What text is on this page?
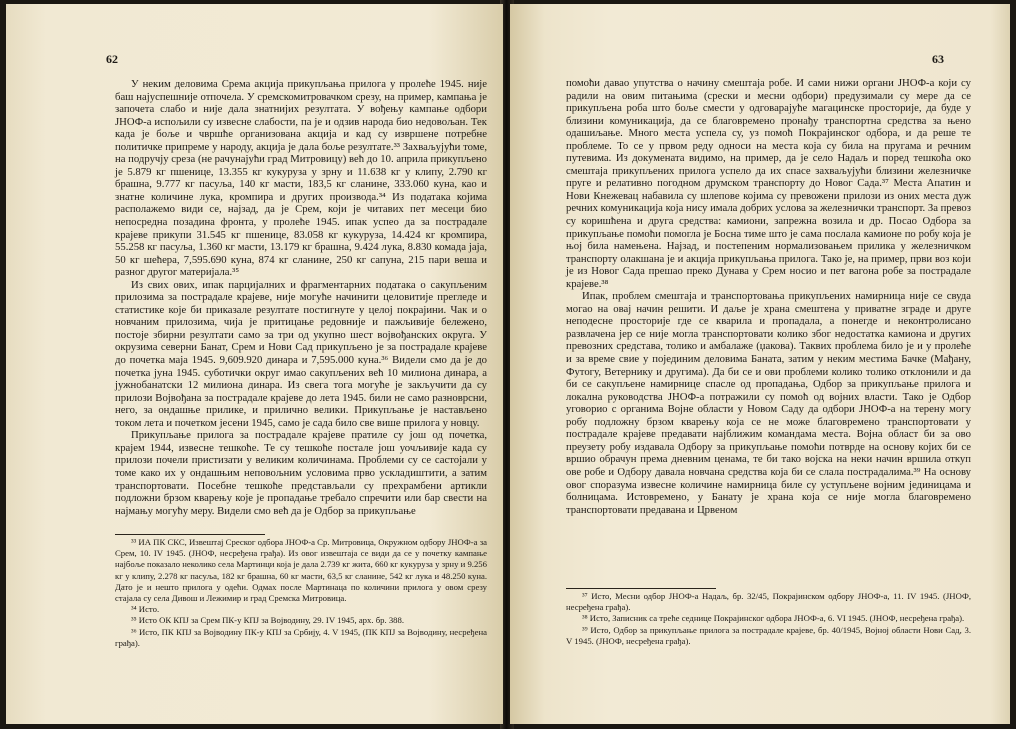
62

У неким деловима Срема акција прикупљања прилога у пролеће 1945. није баш најуспешније отпочела. У сремскомитровачком срезу, на пример, кампања је започета слабо и није дала знатнијих резултата. У вођењу кампање одбори ЈНОФ-а испољили су извесне слабости, па је и одзив народа био недовољан. Тек када је боље и чвршће организована акција и кад су извршене потребне политичке припреме у народу, акција је дала боље резултате.³³ Захваљујући томе, на подручју среза (не рачунајући град Митровицу) већ до 10. априла прикупљено је 5.879 кг пшенице, 13.355 кг кукуруза у зрну и 11.638 кг у клипу, 2.790 кг брашна, 9.777 кг пасуља, 140 кг масти, 183,5 кг сланине, 333.060 куна, као и знатне количине лука, кромпира и других производа.³⁴ Из података којима располажемо види се, најзад, да је Срем, који је читавих пет месеци био непосредна позадина фронта, у пролеће 1945. ипак успео да за пострадале крајеве прикупи 31.545 кг пшенице, 83.058 кг кукуруза, 14.424 кг кромпира, 55.258 кг пасуља, 1.360 кг масти, 13.179 кг брашна, 9.424 лука, 8.830 комада јаја, 50 кг шећера, 7,595.690 куна, 874 кг сланине, 250 кг сапуна, 215 пари веша и разног другог материјала.³⁵

Из свих ових, ипак парцијалних и фрагментарних података о сакупљеним прилозима за пострадале крајеве, није могуће начинити целовитије прегледе и статистике које би приказале резултате постигнуте у целој покрајини. Чак и о новчаним прилозима, чија је притицање редовније и пажљивије бележено, постоје збирни резултати само за три од укупно шест војвођанских округа. У окрузима северни Банат, Срем и Нови Сад прикупљено је за пострадале крајеве до почетка маја 1945. 9,609.920 динара и 7,595.000 куна.³⁶ Видели смо да је до почетка јуна 1945. суботички округ имао сакупљених већ 10 милиона динара, а јужнобанатски 12 милиона динара. Из свега тога могуће је закључити да су прилози Војвођана за пострадале крајеве до лета 1945. били не само разноврсни, него, за ондашње прилике, и прилично велики. Прикупљање је настављено током лета и почетком јесени 1945, само је сада било све више прилога у новцу.

Прикупљање прилога за пострадале крајеве пратиле су још од почетка, крајем 1944, извесне тешкоће. Те су тешкоће постале још уочљивије када су прилози почели пристизати у великим количинама. Проблеми су се састојали у томе како их у ондашњим неповољним условима прво ускладиштити, а затим транспортовати. Посебне тешкоће представљали су прехрамбени артикли подложни брзом кварењу које је пропадање требало спречити или бар свести на најмању могућу меру. Видели смо већ да је Одбор за прикупљање

³³ ИА ПК СКС, Извештај Среског одбора ЈНОФ-а Ср. Митровица, Окружном одбору ЈНОФ-а за Срем, 10. IV 1945. (ЈНОФ, несређена грађа). Из овог извештаја се види да се у почетку кампање најбоље показало неколико села Мартинци која је дала 2.739 кг жита, 660 кг кукуруза у зрну и 9.256 кг у клипу, 2.278 кг пасуља, 182 кг брашна, 60 кг масти, 63,5 кг сланине, 542 кг лука и 48.250 куна. Дато је и нешто прилога у одећи. Одмах после Мартинаца по количини прилога у овом срезу стајала су села Дивош и Лежимир и град Сремска Митровица.

³⁴ Исто.

³⁵ Исто ОК КПЈ за Срем ПК-у КПЈ за Војводину, 29. IV 1945, арх. бр. 388.

³⁶ Исто, ПК КПЈ за Војводину ПК-у КПЈ за Србију, 4. V 1945, (ПК КПЈ за Војводину, несређена грађа).

63

помоћи давао упутства о начину смештаја робе. И сами нижи органи ЈНОФ-а који су радили на овим питањима (срески и месни одбори) предузимали су мере да се прикупљена роба што боље смести у одговарајуће магацинске просторије, да буде у близини комуникација, да се благовремено пронађу транспортна средства за њено одашиљање. Много места успела су, уз помоћ Покрајинског одбора, и да реше те проблеме. То се у првом реду односи на места која су била на пругама и речним путевима. Из докумената видимо, на пример, да је село Надаљ и поред тешкоћа око смештаја прикупљених прилога успело да их спасе захваљујући близини железничке пруге и релативно погодном друмском транспорту до Новог Сада.³⁷ Места Апатин и Нови Кнежевац набавила су шлепове којима су превожени прилози из оних места дуж речних комуникација која нису имала добрих услова за железнички транспорт. За превоз су коришћена и друга средства: камиони, запрежна возила и др. Посао Одбора за прикупљање помоћи помогла је Босна тиме што је сама послала камионе по робу која је њој била намењена. Најзад, и постепеним нормализовањем прилика у железничком транспорту олакшана је и акција прикупљања прилога. Тако је, на пример, први воз који је из Новог Сада прешао преко Дунава у Срем носио и пет вагона робе за пострадале крајеве.³⁸

Ипак, проблем смештаја и транспортовања прикупљених намирница није се свуда могао на овај начин решити. И даље је храна смештена у приватне зграде и друге неподесне просторије где се кварила и пропадала, а понегде и неконтролисано развлачена јер се није могла транспортовати колико због недостатка камиона и других превозних средстава, толико и амбалаже (џакова). Таквих проблема било је и у пролеће и за време свие у појединим деловима Баната, затим у неким местима Бачке (Мађану, Футогу, Ветернику и другима). Да би се и ови проблеми колико толико отклонили и да би се сакупљене намирнице спасле од пропадања, Одбор за прикупљање прилога и локална руководства ЈНОФ-а потражили су помоћ од војних власти. Тако је Одбор уговорио с органима Војне области у Новом Саду да одбори ЈНОФ-а на терену могу робу подложну брзом кварењу која се не може благовремено транспортовати у пострадале крајеве предавати најближим командама места. Војна област би за ово преузету робу издавала Одбору за прикупљање помоћи потврде на основу којих би се вршио обрачун према дневним ценама, те би тако војска на неки начин вршила откуп ове робе и Одбору давала новчана средства која би се слала пострадалима.³⁹ На основу овог споразума извесне количине намирница биле су уступљене војним јединицама и болницама. Истовремено, у Банату је храна која се није могла благовремено транспортовати предавана и Црвеном

³⁷ Исто, Месни одбор ЈНОФ-а Надаљ, бр. 32/45, Покрајинском одбору ЈНОФ-а, 11. IV 1945. (ЈНОФ, несређена грађа).

³⁸ Исто, Записник са треће седнице Покрајинског одбора ЈНОФ-а, 6. VI 1945. (ЈНОФ, несређена грађа).

³⁹ Исто, Одбор за прикупљање прилога за пострадале крајеве, бр. 40/1945, Војној области Нови Сад, 3. V 1945. (ЈНОФ, несређена грађа).
